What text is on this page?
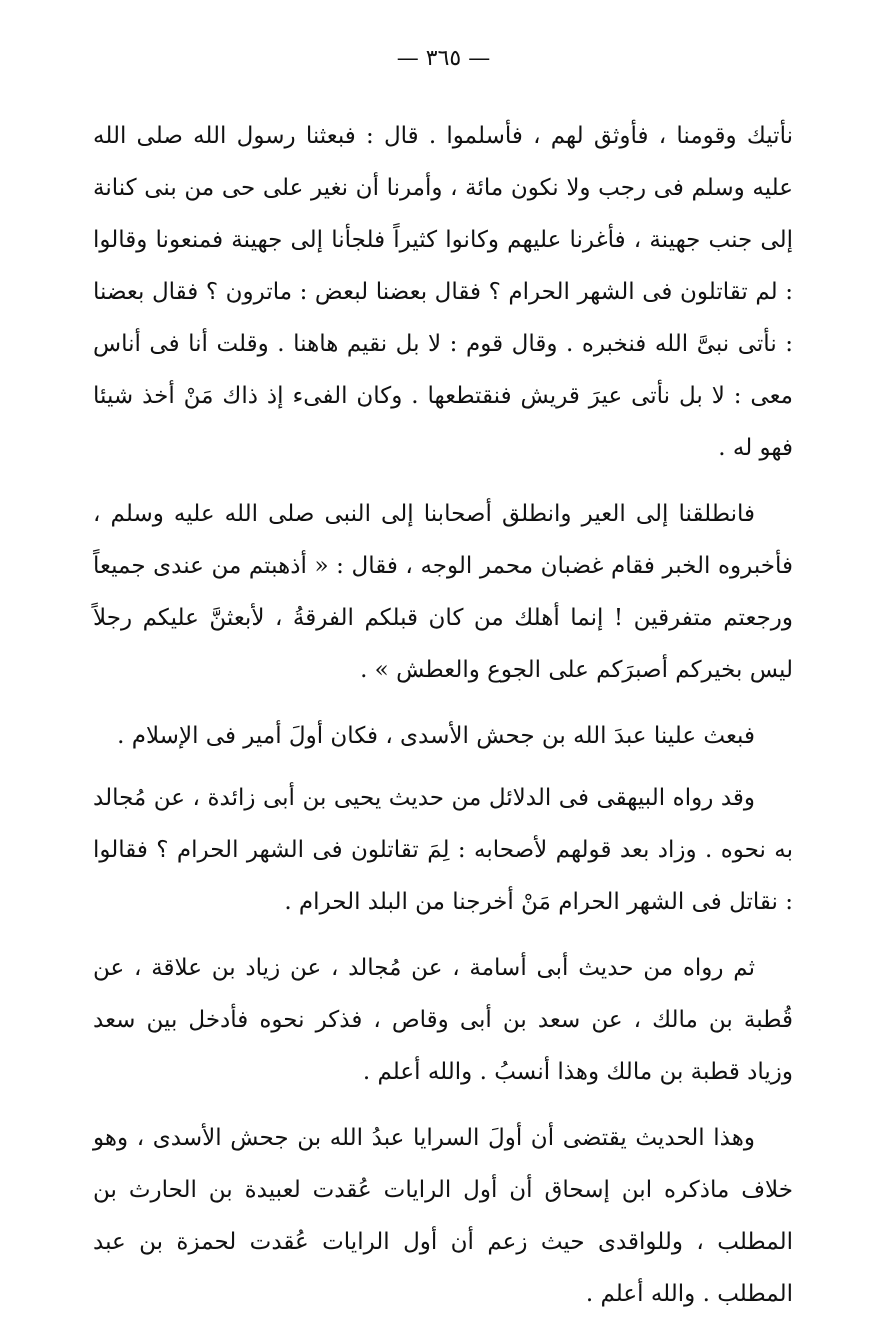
— ٣٦٥ —

نأتيك وقومنا ، فأوثق لهم ، فأسلموا . قال : فبعثنا رسول الله صلى الله عليه وسلم فى رجب ولا نكون مائة ، وأمرنا أن نغير على حى من بنى كنانة إلى جنب جهينة ، فأغرنا عليهم وكانوا كثيراً فلجأنا إلى جهينة فمنعونا وقالوا : لم تقاتلون فى الشهر الحرام ؟ فقال بعضنا لبعض : ماترون ؟ فقال بعضنا : نأتى نبىَّ الله فنخبره . وقال قوم : لا بل نقيم هاهنا . وقلت أنا فى أناس معى : لا بل نأتى عيرَ قريش فنقتطعها . وكان الفىء إذ ذاك مَنْ أخذ شيئا فهو له .

فانطلقنا إلى العير وانطلق أصحابنا إلى النبى صلى الله عليه وسلم ، فأخبروه الخبر فقام غضبان محمر الوجه ، فقال : « أذهبتم من عندى جميعاً ورجعتم متفرقين ! إنما أهلك من كان قبلكم الفرقةُ ، لأبعثنَّ عليكم رجلاً ليس بخيركم أصبرَكم على الجوع والعطش » .

فبعث علينا عبدَ الله بن جحش الأسدى ، فكان أولَ أمير فى الإسلام .

وقد رواه البيهقى فى الدلائل من حديث يحيى بن أبى زائدة ، عن مُجالد به نحوه . وزاد بعد قولهم لأصحابه : لِمَ تقاتلون فى الشهر الحرام ؟ فقالوا : نقاتل فى الشهر الحرام مَنْ أخرجنا من البلد الحرام .

ثم رواه من حديث أبى أسامة ، عن مُجالد ، عن زياد بن علاقة ، عن قُطبة بن مالك ، عن سعد بن أبى وقاص ، فذكر نحوه فأدخل بين سعد وزياد قطبة بن مالك وهذا أنسبُ . والله أعلم .

وهذا الحديث يقتضى أن أولَ السرايا عبدُ الله بن جحش الأسدى ، وهو خلاف ماذكره ابن إسحاق أن أول الرايات عُقدت لعبيدة بن الحارث بن المطلب ، وللواقدى حيث زعم أن أول الرايات عُقدت لحمزة بن عبد المطلب . والله أعلم .
